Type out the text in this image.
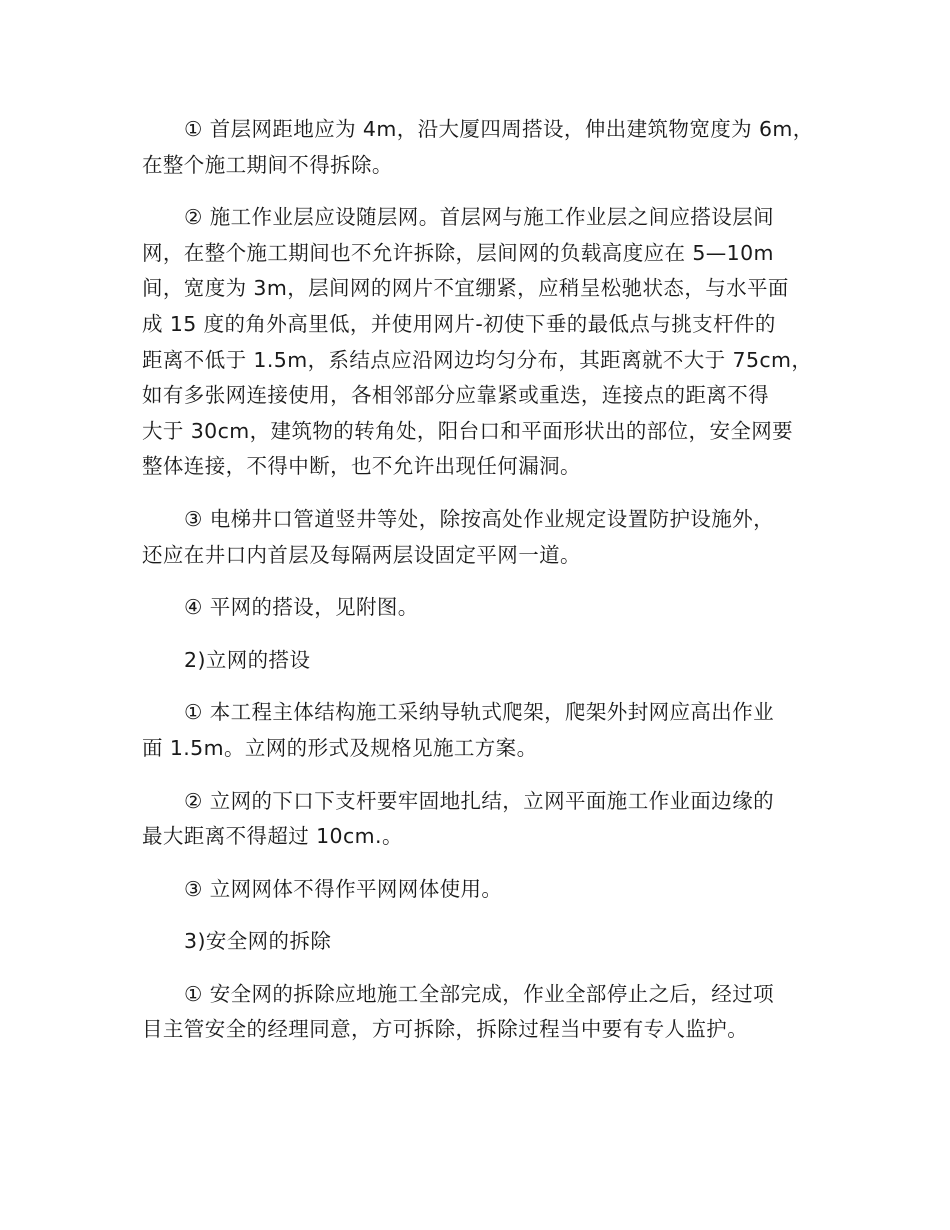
① 首层网距地应为 4m，沿大厦四周搭设，伸出建筑物宽度为 6m，
在整个施工期间不得拆除。

② 施工作业层应设随层网。首层网与施工作业层之间应搭设层间
网，在整个施工期间也不允许拆除，层间网的负载高度应在 5—10m
间，宽度为 3m，层间网的网片不宜绷紧，应稍呈松驰状态，与水平面
成 15 度的角外高里低，并使用网片-初使下垂的最低点与挑支杆件的
距离不低于 1.5m，系结点应沿网边均匀分布，其距离就不大于 75cm，
如有多张网连接使用，各相邻部分应靠紧或重迭，连接点的距离不得
大于 30cm，建筑物的转角处，阳台口和平面形状出的部位，安全网要
整体连接，不得中断，也不允许出现任何漏洞。

③ 电梯井口管道竖井等处，除按高处作业规定设置防护设施外，
还应在井口内首层及每隔两层设固定平网一道。

④ 平网的搭设，见附图。

2)立网的搭设

① 本工程主体结构施工采纳导轨式爬架，爬架外封网应高出作业
面 1.5m。立网的形式及规格见施工方案。

② 立网的下口下支杆要牢固地扎结，立网平面施工作业面边缘的
最大距离不得超过 10cm.。

③ 立网网体不得作平网网体使用。

3)安全网的拆除

① 安全网的拆除应地施工全部完成，作业全部停止之后，经过项
目主管安全的经理同意，方可拆除，拆除过程当中要有专人监护。
